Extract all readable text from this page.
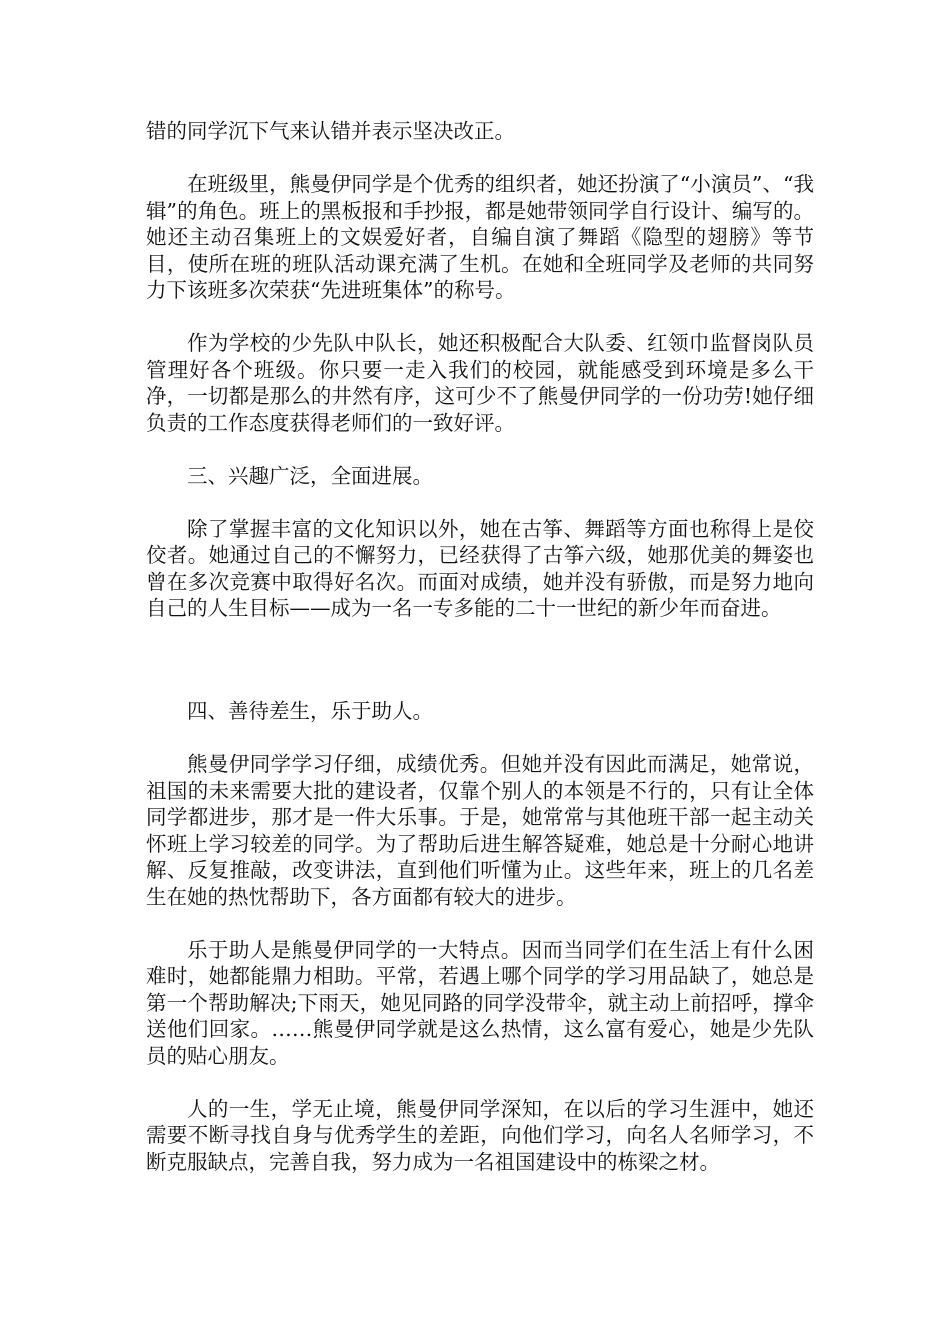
错的同学沉下气来认错并表示坚决改正。

在班级里，熊曼伊同学是个优秀的组织者，她还扮演了“小演员”、“我辑”的角色。班上的黑板报和手抄报，都是她带领同学自行设计、编写的。她还主动召集班上的文娱爱好者，自编自演了舞蹈《隐型的翅膀》等节目，使所在班的班队活动课充满了生机。在她和全班同学及老师的共同努力下该班多次荣获“先进班集体”的称号。

作为学校的少先队中队长，她还积极配合大队委、红领巾监督岗队员管理好各个班级。你只要一走入我们的校园，就能感受到环境是多么干净，一切都是那么的井然有序，这可少不了熊曼伊同学的一份功劳!她仔细负责的工作态度获得老师们的一致好评。

三、兴趣广泛，全面进展。

除了掌握丰富的文化知识以外，她在古筝、舞蹈等方面也称得上是佼佼者。她通过自己的不懈努力，已经获得了古筝六级，她那优美的舞姿也曾在多次竞赛中取得好名次。而面对成绩，她并没有骄傲，而是努力地向自己的人生目标——成为一名一专多能的二十一世纪的新少年而奋进。

四、善待差生，乐于助人。

熊曼伊同学学习仔细，成绩优秀。但她并没有因此而满足，她常说，祖国的未来需要大批的建设者，仅靠个别人的本领是不行的，只有让全体同学都进步，那才是一件大乐事。于是，她常常与其他班干部一起主动关怀班上学习较差的同学。为了帮助后进生解答疑难，她总是十分耐心地讲解、反复推敲，改变讲法，直到他们听懂为止。这些年来，班上的几名差生在她的热忱帮助下，各方面都有较大的进步。

乐于助人是熊曼伊同学的一大特点。因而当同学们在生活上有什么困难时，她都能鼎力相助。平常，若遇上哪个同学的学习用品缺了，她总是第一个帮助解决;下雨天，她见同路的同学没带伞，就主动上前招呼，撑伞送他们回家。……熊曼伊同学就是这么热情，这么富有爱心，她是少先队员的贴心朋友。

人的一生，学无止境，熊曼伊同学深知，在以后的学习生涯中，她还需要不断寻找自身与优秀学生的差距，向他们学习，向名人名师学习，不断克服缺点，完善自我，努力成为一名祖国建设中的栋梁之材。
